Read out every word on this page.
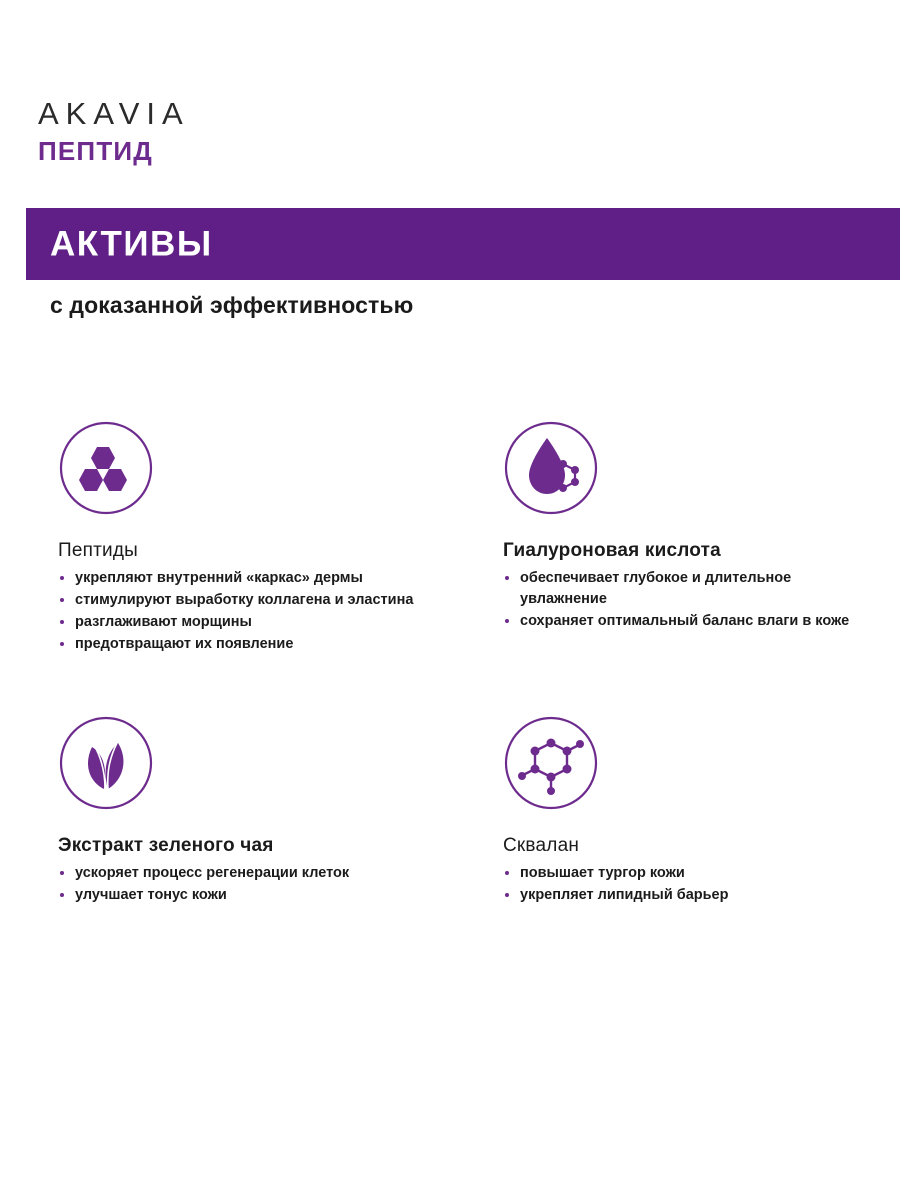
AKAVIA
ПЕПТИД
АКТИВЫ
с доказанной эффективностью
Пептиды
укрепляют внутренний «каркас» дермы
стимулируют выработку коллагена и эластина
разглаживают морщины
предотвращают их появление
Гиалуроновая кислота
обеспечивает глубокое и длительное увлажнение
сохраняет оптимальный баланс влаги в коже
Экстракт зеленого чая
ускоряет процесс регенерации клеток
улучшает тонус кожи
Сквалан
повышает тургор кожи
укрепляет липидный барьер
